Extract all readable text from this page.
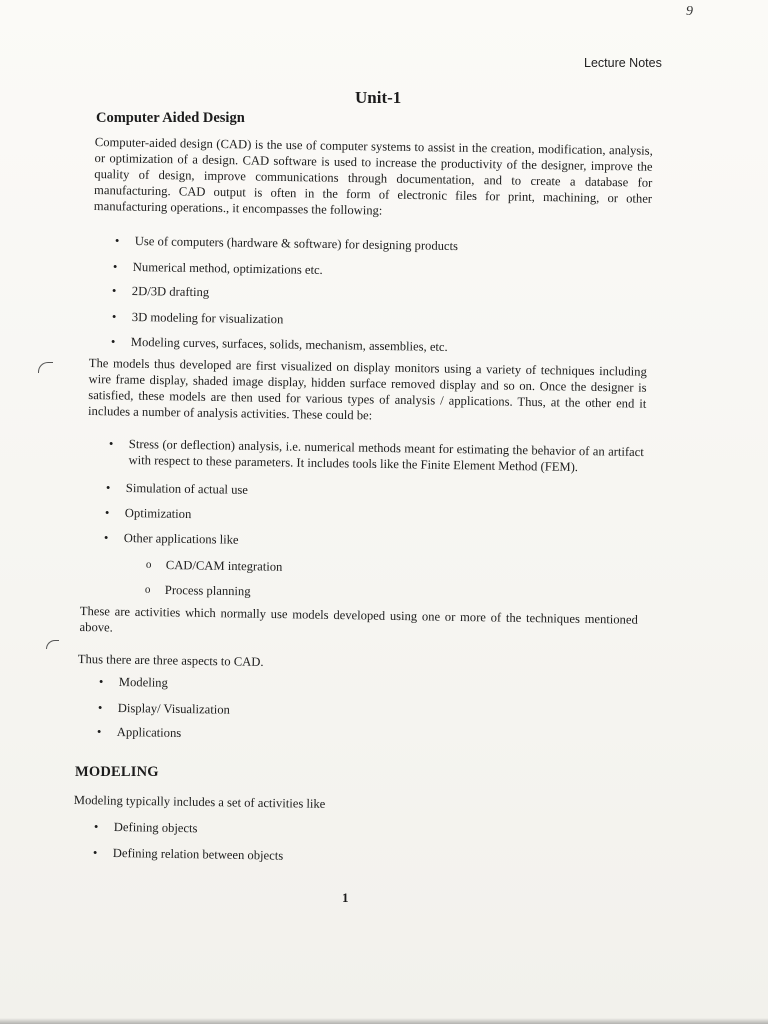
9
Lecture Notes
Unit-1
Computer Aided Design
Computer-aided design (CAD) is the use of computer systems to assist in the creation, modification, analysis, or optimization of a design. CAD software is used to increase the productivity of the designer, improve the quality of design, improve communications through documentation, and to create a database for manufacturing. CAD output is often in the form of electronic files for print, machining, or other manufacturing operations., it encompasses the following:
• Use of computers (hardware & software) for designing products
• Numerical method, optimizations etc.
• 2D/3D drafting
• 3D modeling for visualization
• Modeling curves, surfaces, solids, mechanism, assemblies, etc.
The models thus developed are first visualized on display monitors using a variety of techniques including wire frame display, shaded image display, hidden surface removed display and so on. Once the designer is satisfied, these models are then used for various types of analysis / applications. Thus, at the other end it includes a number of analysis activities. These could be:
• Stress (or deflection) analysis, i.e. numerical methods meant for estimating the behavior of an artifact with respect to these parameters. It includes tools like the Finite Element Method (FEM).
• Simulation of actual use
• Optimization
• Other applications like
o CAD/CAM integration
o Process planning
These are activities which normally use models developed using one or more of the techniques mentioned above.
Thus there are three aspects to CAD.
• Modeling
• Display/ Visualization
• Applications
MODELING
Modeling typically includes a set of activities like
• Defining objects
• Defining relation between objects
1
